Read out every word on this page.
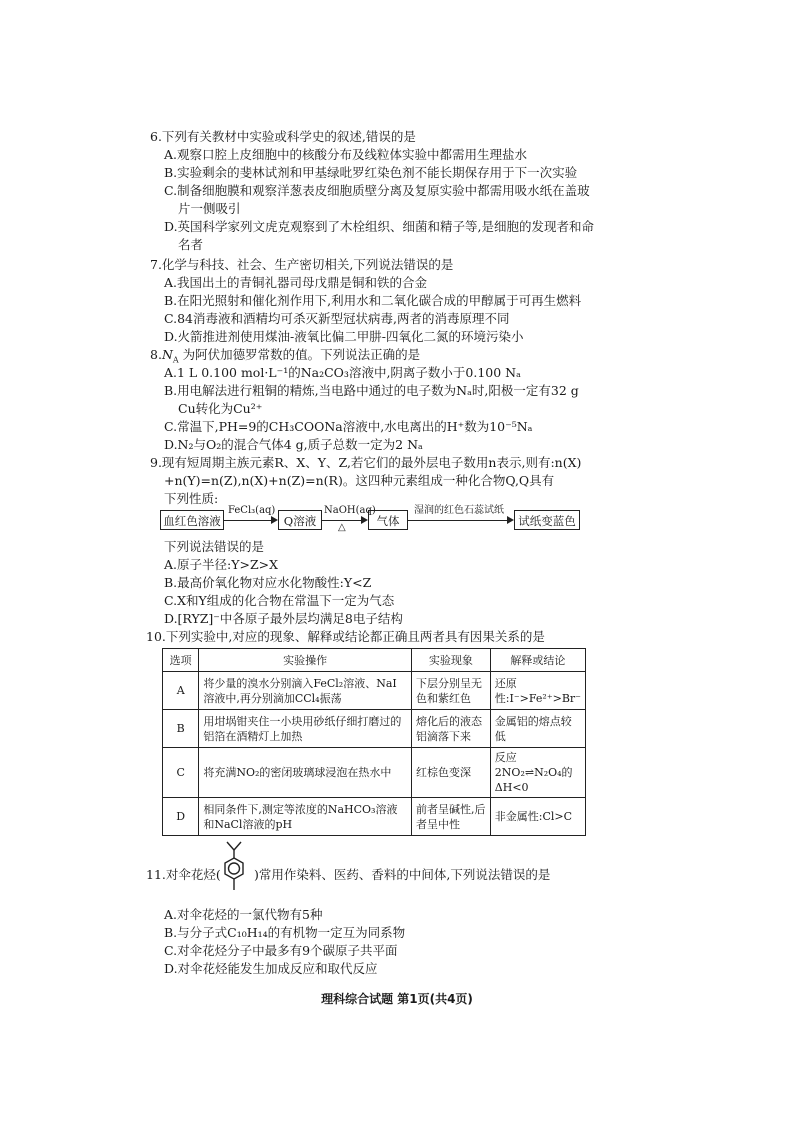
6.下列有关教材中实验或科学史的叙述,错误的是
A.观察口腔上皮细胞中的核酸分布及线粒体实验中都需用生理盐水
B.实验剩余的斐林试剂和甲基绿吡罗红染色剂不能长期保存用于下一次实验
C.制备细胞膜和观察洋葱表皮细胞质壁分离及复原实验中都需用吸水纸在盖玻
片一侧吸引
D.英国科学家列文虎克观察到了木栓组织、细菌和精子等,是细胞的发现者和命
名者
7.化学与科技、社会、生产密切相关,下列说法错误的是
A.我国出土的青铜礼器司母戊鼎是铜和铁的合金
B.在阳光照射和催化剂作用下,利用水和二氧化碳合成的甲醇属于可再生燃料
C.84消毒液和酒精均可杀灭新型冠状病毒,两者的消毒原理不同
D.火箭推进剂使用煤油-液氧比偏二甲肼-四氧化二氮的环境污染小
$8.N_A$ 为阿伏加德罗常数的值。下列说法正确的是
A.1 L 0.100 mol·L⁻¹的Na₂CO₃溶液中,阴离子数小于0.100 Nₐ
B.用电解法进行粗铜的精炼,当电路中通过的电子数为Nₐ时,阳极一定有32 g
Cu转化为Cu²⁺
C.常温下,PH=9的CH₃COONa溶液中,水电离出的H⁺数为10⁻⁵Nₐ
D.N₂与O₂的混合气体4 g,质子总数一定为2 Nₐ
9.现有短周期主族元素R、X、Y、Z,若它们的最外层电子数用n表示,则有:n(X)
+n(Y)=n(Z),n(X)+n(Z)=n(R)。这四种元素组成一种化合物Q,Q具有
下列性质:
血红色溶液
FeCl₃(aq)
Q溶液
NaOH(aq)
△	气体
湿润的红色石蕊试纸
试纸变蓝色
下列说法错误的是
A.原子半径:Y>Z>X
B.最高价氧化物对应水化物酸性:Y<Z
C.X和Y组成的化合物在常温下一定为气态
D.[RYZ]⁻中各原子最外层均满足8电子结构
10.下列实验中,对应的现象、解释或结论都正确且两者具有因果关系的是
选项	实验操作	实验现象	解释或结论
A	将少量的溴水分别滴入FeCl₂溶液、NaI溶液中,再分别滴加CCl₄振荡	下层分别呈无色和紫红色	还原性:I⁻>Fe²⁺>Br⁻
B	用坩埚钳夹住一小块用砂纸仔细打磨过的铝箔在酒精灯上加热	熔化后的液态铝滴落下来	金属铝的熔点较低
C	将充满NO₂的密闭玻璃球浸泡在热水中	红棕色变深	反应2NO₂⇌N₂O₄的ΔH<0
D	相同条件下,测定等浓度的NaHCO₃溶液和NaCl溶液的pH	前者呈碱性,后者呈中性	非金属性:Cl>C
11.对伞花烃(	)常用作染料、医药、香料的中间体,下列说法错误的是
A.对伞花烃的一氯代物有5种
B.与分子式C₁₀H₁₄的有机物一定互为同系物
C.对伞花烃分子中最多有9个碳原子共平面
D.对伞花烃能发生加成反应和取代反应
理科综合试题 第1页(共4页)
